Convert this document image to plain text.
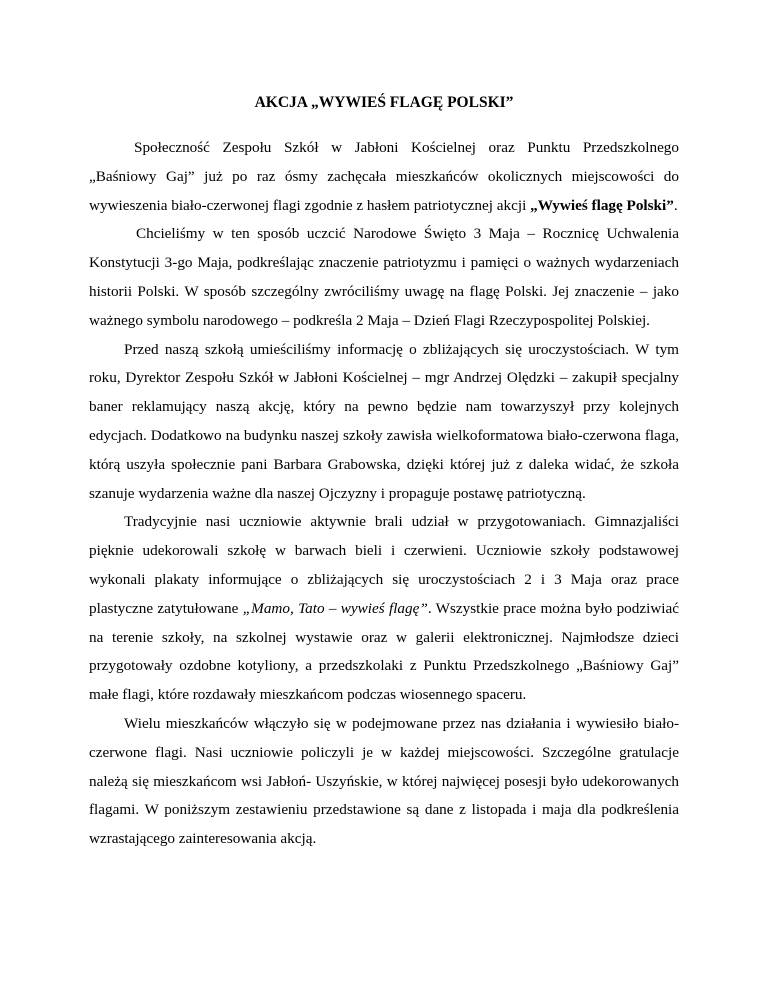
AKCJA „WYWIEŚ FLAGĘ POLSKI”

Społeczność Zespołu Szkół w Jabłoni Kościelnej oraz Punktu Przedszkolnego „Baśniowy Gaj” już po raz ósmy zachęcała mieszkańców okolicznych miejscowości do wywieszenia biało-czerwonej flagi zgodnie z hasłem patriotycznej akcji „Wywieś flagę Polski”.

Chcieliśmy w ten sposób uczcić Narodowe Święto 3 Maja – Rocznicę Uchwalenia Konstytucji 3-go Maja, podkreślając znaczenie patriotyzmu i pamięci o ważnych wydarzeniach historii Polski. W sposób szczególny zwróciliśmy uwagę na flagę Polski. Jej znaczenie – jako ważnego symbolu narodowego – podkreśla 2 Maja – Dzień Flagi Rzeczypospolitej Polskiej.

Przed naszą szkołą umieściliśmy informację o zbliżających się uroczystościach. W tym roku, Dyrektor Zespołu Szkół w Jabłoni Kościelnej – mgr Andrzej Olędzki – zakupił specjalny baner reklamujący naszą akcję, który na pewno będzie nam towarzyszył przy kolejnych edycjach. Dodatkowo na budynku naszej szkoły zawisła wielkoformatowa biało-czerwona flaga, którą uszyła społecznie pani Barbara Grabowska, dzięki której już z daleka widać, że szkoła szanuje wydarzenia ważne dla naszej Ojczyzny i propaguje postawę patriotyczną.

Tradycyjnie nasi uczniowie aktywnie brali udział w przygotowaniach. Gimnazjaliści pięknie udekorowali szkołę w barwach bieli i czerwieni. Uczniowie szkoły podstawowej wykonali plakaty informujące o zbliżających się uroczystościach 2 i 3 Maja oraz prace plastyczne zatytułowane „Mamo, Tato – wywieś flagę”. Wszystkie prace można było podziwiać na terenie szkoły, na szkolnej wystawie oraz w galerii elektronicznej. Najmłodsze dzieci przygotowały ozdobne kotyliony, a przedszkolaki z Punktu Przedszkolnego „Baśniowy Gaj” małe flagi, które rozdawały mieszkańcom podczas wiosennego spaceru.

Wielu mieszkańców włączyło się w podejmowane przez nas działania i wywiesiło biało-czerwone flagi. Nasi uczniowie policzyli je w każdej miejscowości. Szczególne gratulacje należą się mieszkańcom wsi Jabłoń- Uszyńskie, w której najwięcej posesji było udekorowanych flagami. W poniższym zestawieniu przedstawione są dane z listopada i maja dla podkreślenia wzrastającego zainteresowania akcją.
